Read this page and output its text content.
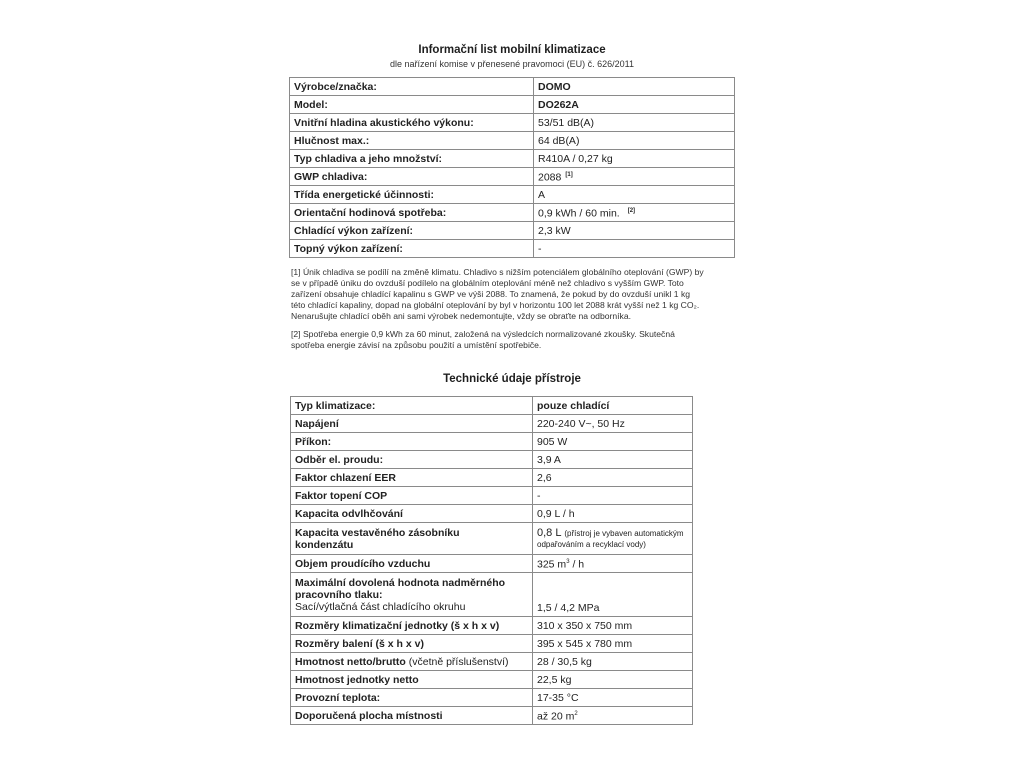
Informační list mobilní klimatizace
dle nařízení komise v přenesené pravomoci (EU) č. 626/2011
Výrobce/značka:	DOMO
Model:	DO262A
Vnitřní hladina akustického výkonu:	53/51 dB(A)
Hlučnost max.:	64 dB(A)
Typ chladiva a jeho množství:	R410A / 0,27 kg
GWP chladiva:	2088 [1]
Třída energetické účinnosti:	A
Orientační hodinová spotřeba:	0,9 kWh / 60 min. [2]
Chladící výkon zařízení:	2,3 kW
Topný výkon zařízení:	-
[1] Únik chladiva se podílí na změně klimatu. Chladivo s nižším potenciálem globálního oteplování (GWP) by
se v případě úniku do ovzduší podílelo na globálním oteplování méně než chladivo s vyšším GWP. Toto
zařízení obsahuje chladící kapalinu s GWP ve výši 2088. To znamená, že pokud by do ovzduší unikl 1 kg
této chladící kapaliny, dopad na globální oteplování by byl v horizontu 100 let 2088 krát vyšší než 1 kg CO₂.
Nenarušujte chladící oběh ani sami výrobek nedemontujte, vždy se obraťte na odborníka.
[2] Spotřeba energie 0,9 kWh za 60 minut, založená na výsledcích normalizované zkoušky. Skutečná
spotřeba energie závisí na způsobu použití a umístění spotřebiče.
Technické údaje přístroje
Typ klimatizace:	pouze chladící
Napájení	220-240 V~, 50 Hz
Příkon:	905 W
Odběr el. proudu:	3,9 A
Faktor chlazení EER	2,6
Faktor topení COP	-
Kapacita odvlhčování	0,9 L / h

Kapacita vestavěného zásobníku
kondenzátu
	0,8 L (přístroj je vybaven automatickým
odpařováním a recyklací vody)
Objem proudícího vzduchu	325 $m^3$ / h

Maximální dovolená hodnota nadměrného
pracovního tlaku:
Sací/výtlačná část chladícího okruhu	1,5 / 4,2 MPa
Rozměry klimatizační jednotky (š x h x v)	310 x 350 x 750 mm
Rozměry balení (š x h x v)	395 x 545 x 780 mm
Hmotnost netto/brutto (včetně příslušenství)	28 / 30,5 kg
Hmotnost jednotky netto	22,5 kg
Provozní teplota:	17-35 °C
Doporučená plocha místnosti	až 20 $m^2$
